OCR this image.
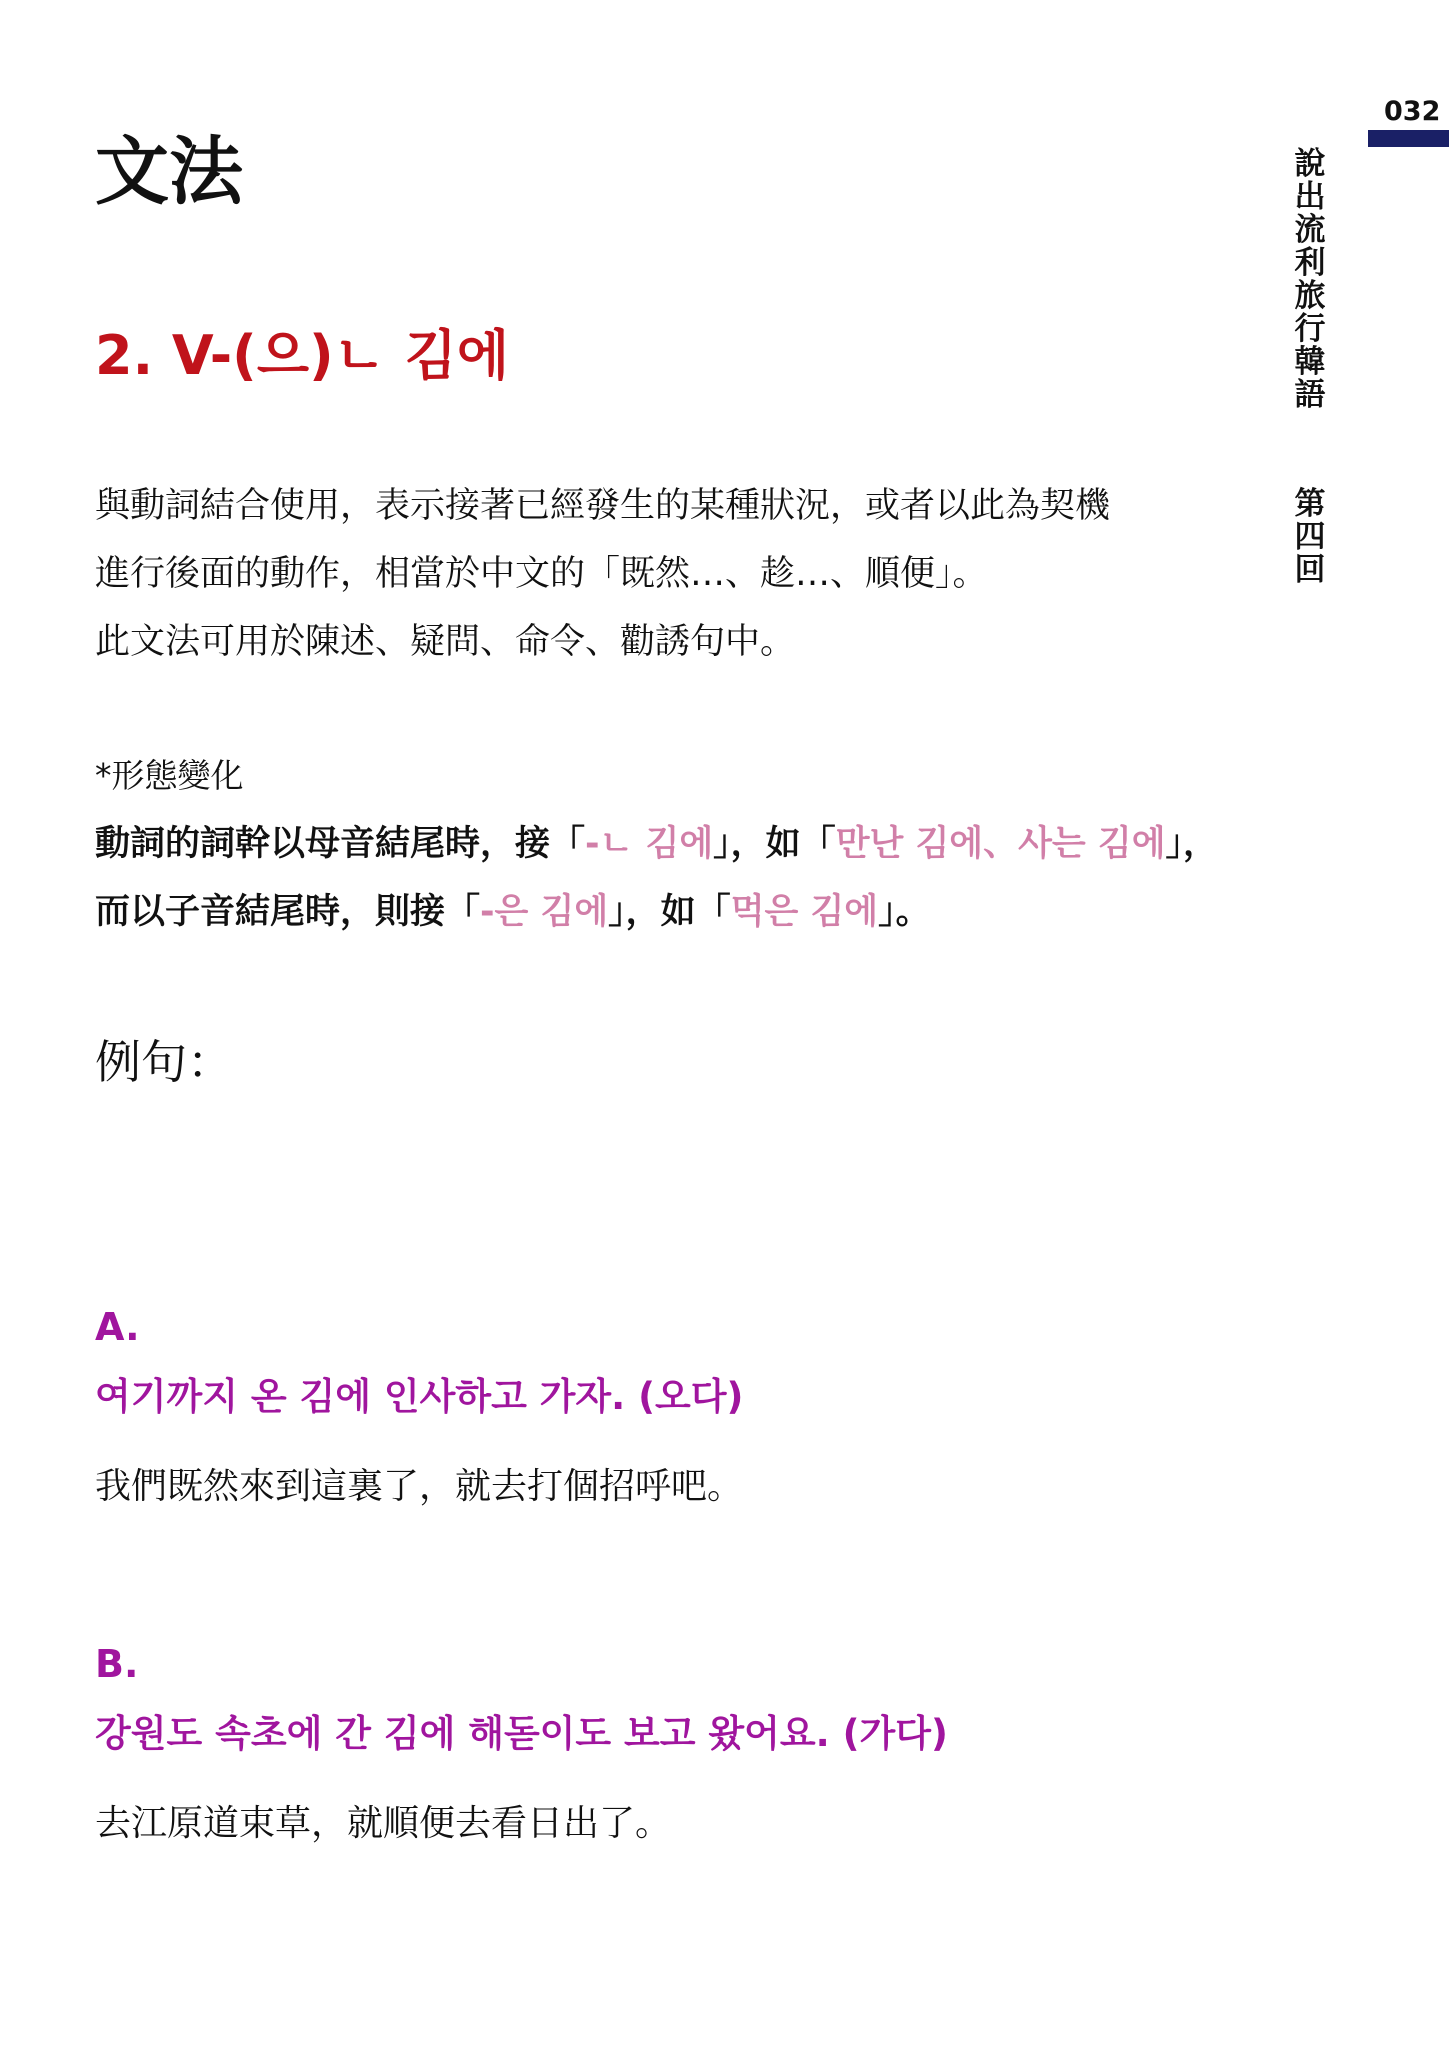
032
說出流利旅行韓語
第四回
文法
2. V-(으)ㄴ 김에

與動詞結合使用，表示接著已經發生的某種狀況，或者以此為契機

進行後面的動作，相當於中文的「既然…、趁…、順便」。

此文法可用於陳述、疑問、命令、勸誘句中。

*形態變化

動詞的詞幹以母音結尾時，接「-ㄴ 김에」，如「만난 김에、사는 김에」，而以子音結尾時，則接「-은 김에」，如「먹은 김에」。

例句：

A.

여기까지 온 김에 인사하고 가자. (오다)

我們既然來到這裏了，就去打個招呼吧。

B.

강원도 속초에 간 김에 해돋이도 보고 왔어요. (가다)

去江原道束草，就順便去看日出了。
